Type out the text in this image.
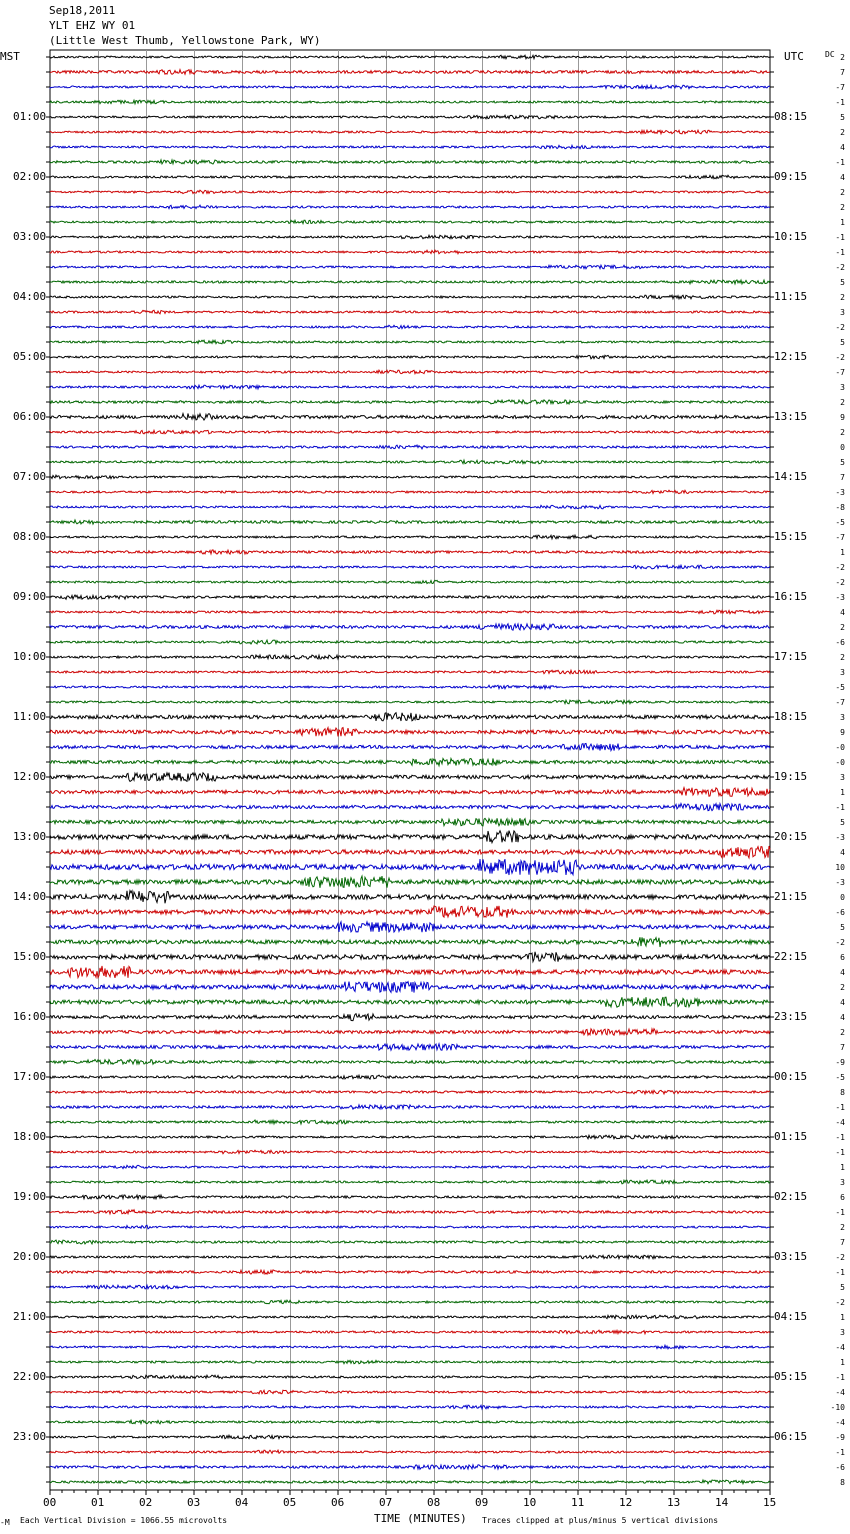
Sep18,2011
YLT EHZ WY 01
(Little West Thumb, Yellowstone Park, WY)
MST	UTC	DC
01:00
02:00
03:00
04:00
05:00
06:00
07:00
08:00
09:00
10:00
11:00
12:00
13:00
14:00
15:00
16:00
17:00
18:00
19:00
20:00
21:00
22:00
23:00
08:15
09:15
10:15
11:15
12:15
13:15
14:15
15:15
16:15
17:15
18:15
19:15
20:15
21:15
22:15
23:15
00:15
01:15
02:15
03:15
04:15
05:15
06:15
2
7
-7
-1
5
2
4
-1
4
2
2
1
-1
-1
-2
5
2
3
-2
5
-2
-7
3
2
9
2
0
5
7
-3
-8
-5
-7
1
-2
-2
-3
4
2
-6
2
3
-5
-7
3
9
-0
-0
3
1
-1
5
-3
4
10
-3
0
-6
5
-2
6
4
2
4
4
2
7
-9
-5
8
-1
-4
-1
-1
1
3
6
-1
2
7
-2
-1
5
-2
1
3
-4
1
-1
-4
-10
-4
-9
-1
-6
8
00	01	02	03	04	05	06	07	08	09	10	11	12	13	14	15
-M Each Vertical Division = 1066.55 microvolts	TIME (MINUTES) Traces clipped at plus/minus 5 vertical divisions
